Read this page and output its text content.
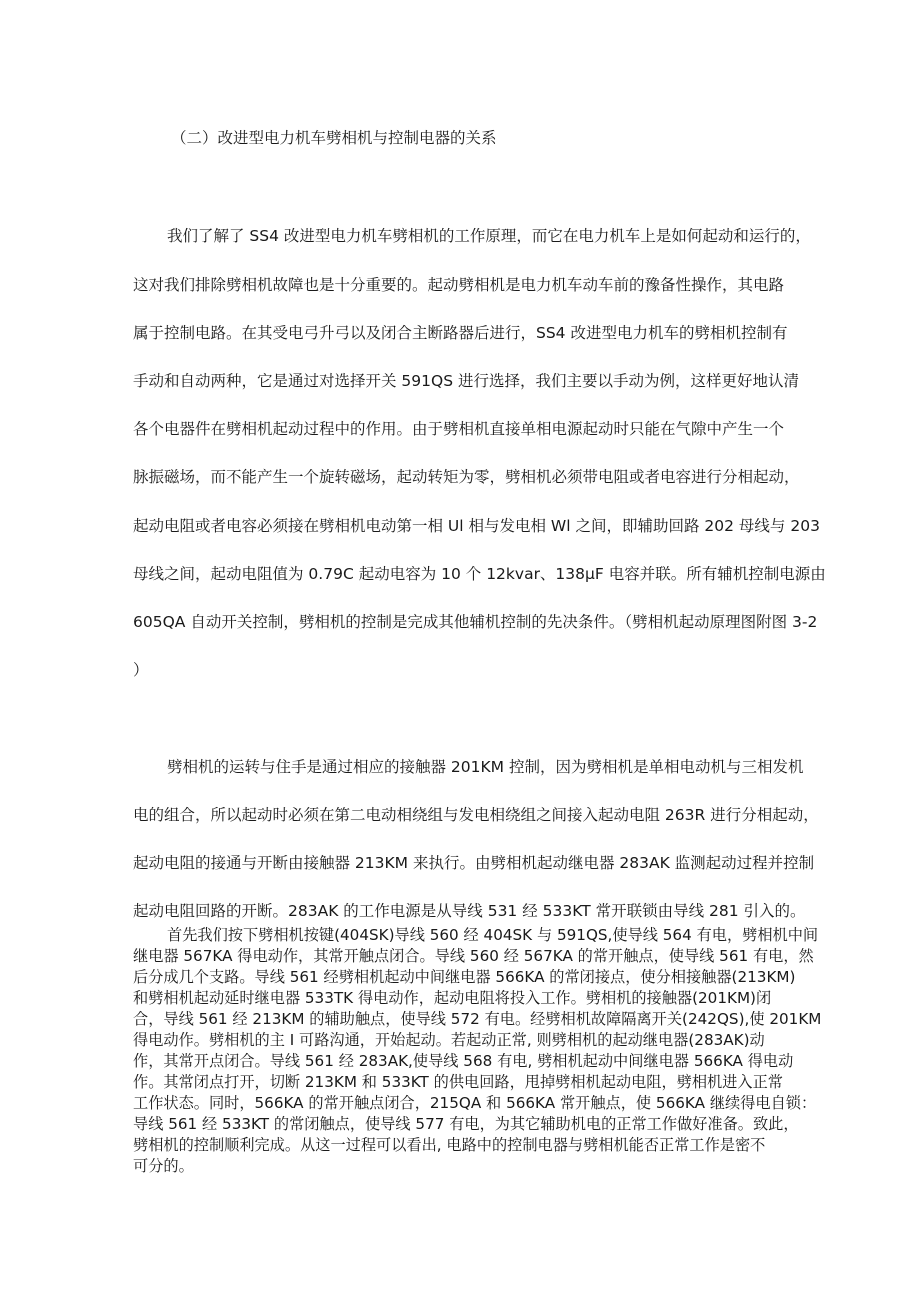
（二）改进型电力机车劈相机与控制电器的关系
我们了解了 SS4 改进型电力机车劈相机的工作原理，而它在电力机车上是如何起动和运行的，
这对我们排除劈相机故障也是十分重要的。起动劈相机是电力机车动车前的豫备性操作，其电路
属于控制电路。在其受电弓升弓以及闭合主断路器后进行，SS4 改进型电力机车的劈相机控制有
手动和自动两种，它是通过对选择开关 591QS 进行选择，我们主要以手动为例，这样更好地认清
各个电器件在劈相机起动过程中的作用。由于劈相机直接单相电源起动时只能在气隙中产生一个
脉振磁场，而不能产生一个旋转磁场，起动转矩为零，劈相机必须带电阻或者电容进行分相起动，
起动电阻或者电容必须接在劈相机电动第一相 Ul 相与发电相 Wl 之间，即辅助回路 202 母线与 203
母线之间，起动电阻值为 0.79C 起动电容为 10 个 12kvar、138μF 电容并联。所有辅机控制电源由
605QA 自动开关控制，劈相机的控制是完成其他辅机控制的先决条件。（劈相机起动原理图附图 3-2
）
劈相机的运转与住手是通过相应的接触器 201KM 控制，因为劈相机是单相电动机与三相发机
电的组合，所以起动时必须在第二电动相绕组与发电相绕组之间接入起动电阻 263R 进行分相起动，
起动电阻的接通与开断由接触器 213KM 来执行。由劈相机起动继电器 283AK 监测起动过程并控制
起动电阻回路的开断。283AK 的工作电源是从导线 531 经 533KT 常开联锁由导线 281 引入的。
首先我们按下劈相机按键(404SK)导线 560 经 404SK 与 591QS,使导线 564 有电，劈相机中间
继电器 567KA 得电动作，其常开触点闭合。导线 560 经 567KA 的常开触点，使导线 561 有电，然
后分成几个支路。导线 561 经劈相机起动中间继电器 566KA 的常闭接点，使分相接触器(213KM)
和劈相机起动延时继电器 533TK 得电动作，起动电阻将投入工作。劈相机的接触器(201KM)闭
合，导线 561 经 213KM 的辅助触点，使导线 572 有电。经劈相机故障隔离开关(242QS),使 201KM
得电动作。劈相机的主 I 可路沟通，开始起动。若起动正常, 则劈相机的起动继电器(283AK)动
作，其常开点闭合。导线 561 经 283AK,使导线 568 有电, 劈相机起动中间继电器 566KA 得电动
作。其常闭点打开，切断 213KM 和 533KT 的供电回路，甩掉劈相机起动电阻，劈相机进入正常
工作状态。同时，566KA 的常开触点闭合，215QA 和 566KA 常开触点，使 566KA 继续得电自锁：
导线 561 经 533KT 的常闭触点，使导线 577 有电，为其它辅助机电的正常工作做好准备。致此，
劈相机的控制顺利完成。从这一过程可以看出, 电路中的控制电器与劈相机能否正常工作是密不
可分的。
